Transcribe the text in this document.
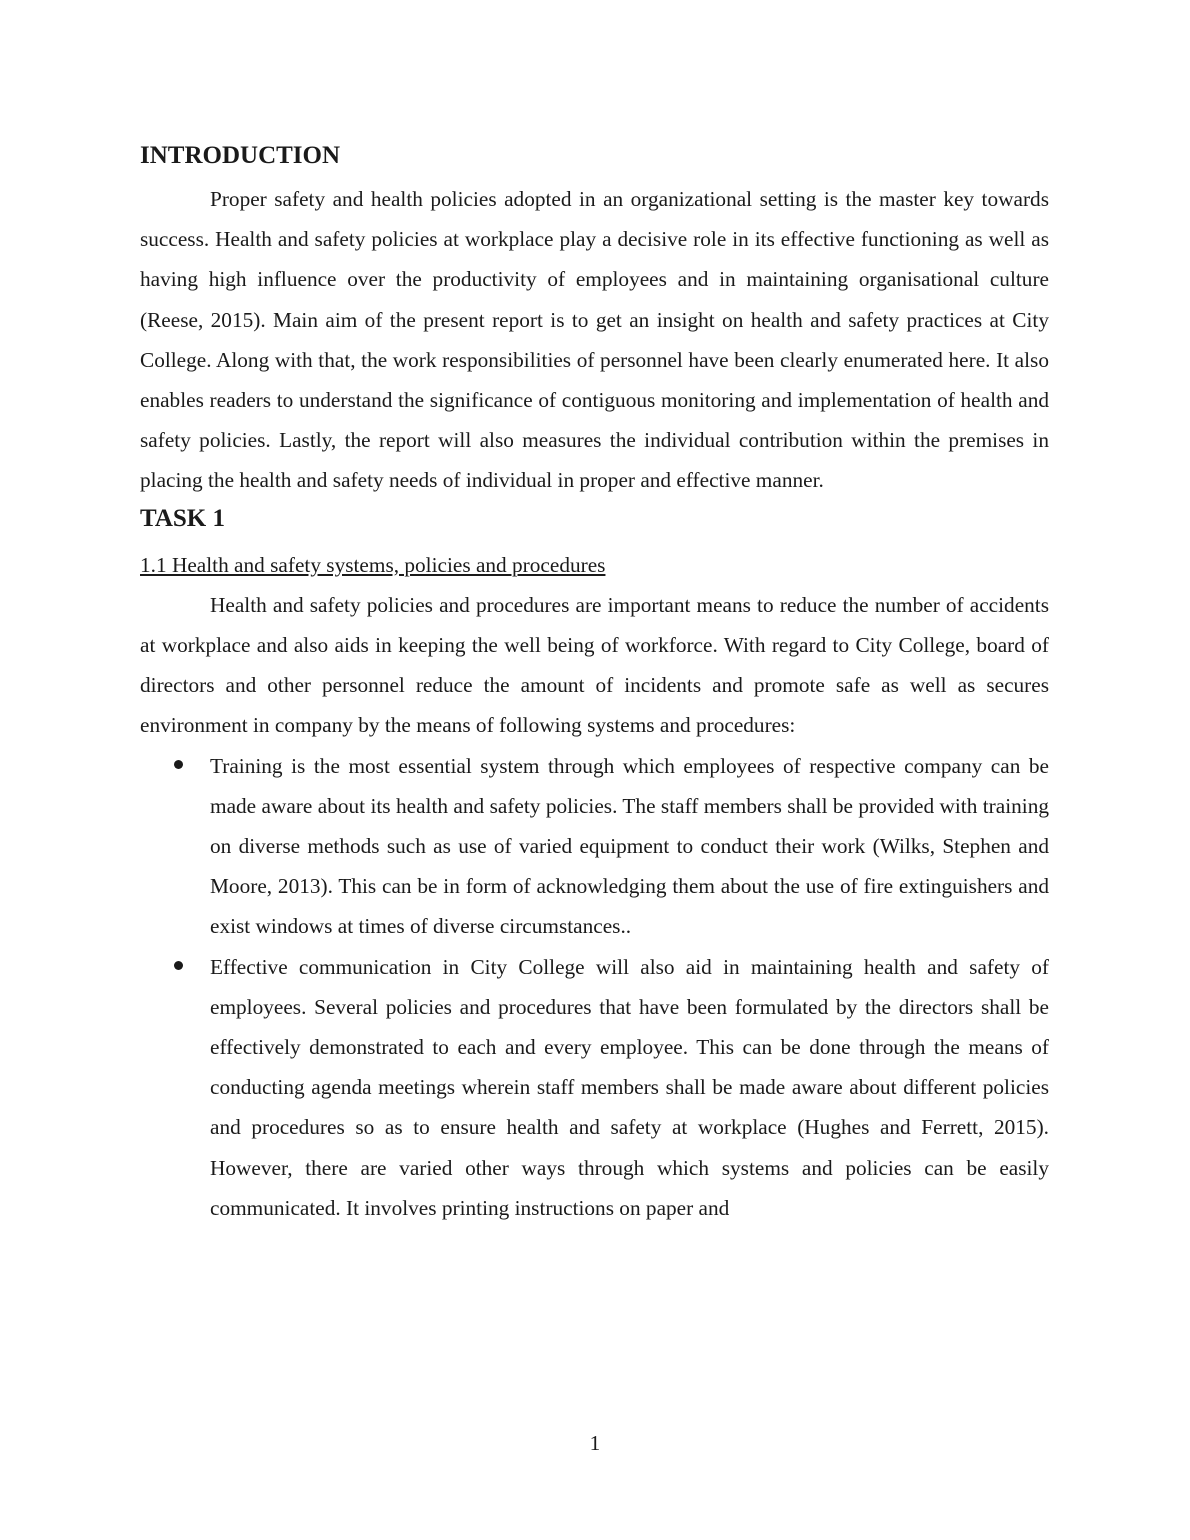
INTRODUCTION

Proper safety and health policies adopted in an organizational setting is the master key towards success. Health and safety policies at workplace play a decisive role in its effective functioning as well as having high influence over the productivity of employees and in maintaining organisational culture (Reese, 2015). Main aim of the present report is to get an insight on health and safety practices at City College. Along with that, the work responsibilities of personnel have been clearly enumerated here. It also enables readers to understand the significance of contiguous monitoring and implementation of health and safety policies. Lastly, the report will also measures the individual contribution within the premises in placing the health and safety needs of individual in proper and effective manner.

TASK 1
1.1 Health and safety systems, policies and procedures

Health and safety policies and procedures are important means to reduce the number of accidents at workplace and also aids in keeping the well being of workforce. With regard to City College, board of directors and other personnel reduce the amount of incidents and promote safe as well as secures environment in company by the means of following systems and procedures:

Training is the most essential system through which employees of respective company can be made aware about its health and safety policies. The staff members shall be provided with training on diverse methods such as use of varied equipment to conduct their work (Wilks, Stephen and Moore, 2013). This can be in form of acknowledging them about the use of fire extinguishers and exist windows at times of diverse circumstances..
Effective communication in City College will also aid in maintaining health and safety of employees. Several policies and procedures that have been formulated by the directors shall be effectively demonstrated to each and every employee. This can be done through the means of conducting agenda meetings wherein staff members shall be made aware about different policies and procedures so as to ensure health and safety at workplace (Hughes and Ferrett, 2015). However, there are varied other ways through which systems and policies can be easily communicated. It involves printing instructions on paper and
1
